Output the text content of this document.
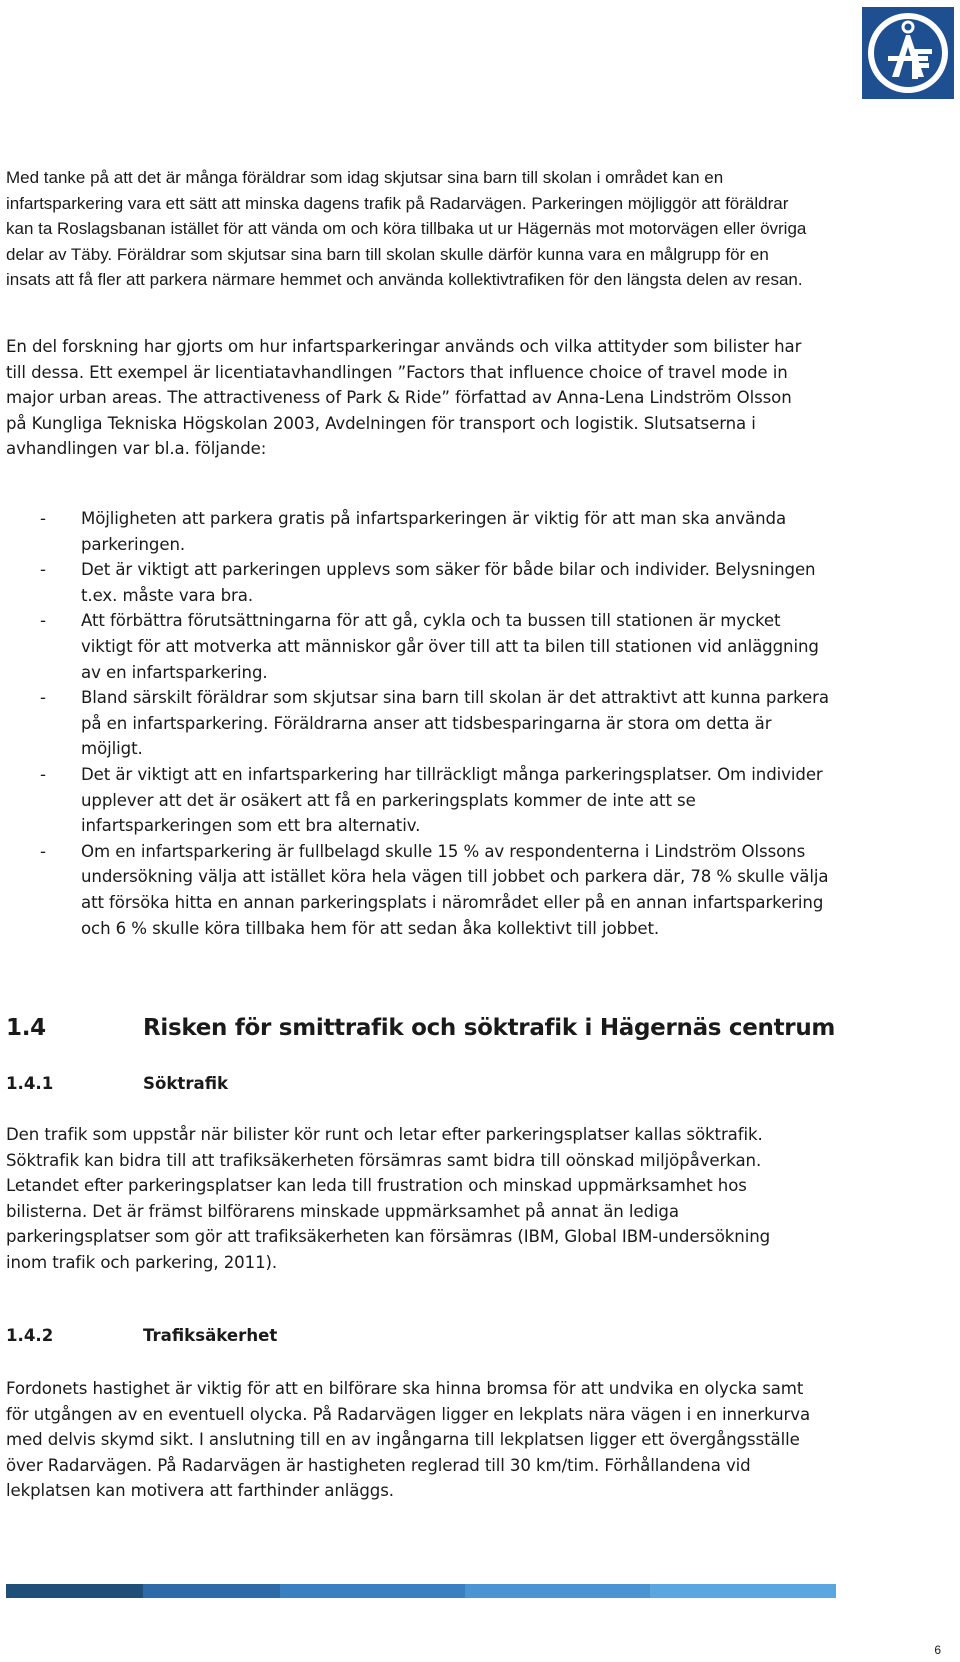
Med tanke på att det är många föräldrar som idag skjutsar sina barn till skolan i området kan en infartsparkering vara ett sätt att minska dagens trafik på Radarvägen. Parkeringen möjliggör att föräldrar kan ta Roslagsbanan istället för att vända om och köra tillbaka ut ur Hägernäs mot motorvägen eller övriga delar av Täby. Föräldrar som skjutsar sina barn till skolan skulle därför kunna vara en målgrupp för en insats att få fler att parkera närmare hemmet och använda kollektivtrafiken för den längsta delen av resan.

En del forskning har gjorts om hur infartsparkeringar används och vilka attityder som bilister har till dessa. Ett exempel är licentiatavhandlingen ”Factors that influence choice of travel mode in major urban areas. The attractiveness of Park & Ride” författad av Anna-Lena Lindström Olsson på Kungliga Tekniska Högskolan 2003, Avdelningen för transport och logistik. Slutsatserna i avhandlingen var bl.a. följande:

- Möjligheten att parkera gratis på infartsparkeringen är viktig för att man ska använda parkeringen.
- Det är viktigt att parkeringen upplevs som säker för både bilar och individer. Belysningen t.ex. måste vara bra.
- Att förbättra förutsättningarna för att gå, cykla och ta bussen till stationen är mycket viktigt för att motverka att människor går över till att ta bilen till stationen vid anläggning av en infartsparkering.
- Bland särskilt föräldrar som skjutsar sina barn till skolan är det attraktivt att kunna parkera på en infartsparkering. Föräldrarna anser att tidsbesparingarna är stora om detta är möjligt.
- Det är viktigt att en infartsparkering har tillräckligt många parkeringsplatser. Om individer upplever att det är osäkert att få en parkeringsplats kommer de inte att se infartsparkeringen som ett bra alternativ.
- Om en infartsparkering är fullbelagd skulle 15 % av respondenterna i Lindström Olssons undersökning välja att istället köra hela vägen till jobbet och parkera där, 78 % skulle välja att försöka hitta en annan parkeringsplats i närområdet eller på en annan infartsparkering och 6 % skulle köra tillbaka hem för att sedan åka kollektivt till jobbet.
1.4	Risken för smittrafik och söktrafik i Hägernäs centrum
1.4.1	Söktrafik

Den trafik som uppstår när bilister kör runt och letar efter parkeringsplatser kallas söktrafik. Söktrafik kan bidra till att trafiksäkerheten försämras samt bidra till oönskad miljöpåverkan. Letandet efter parkeringsplatser kan leda till frustration och minskad uppmärksamhet hos bilisterna. Det är främst bilförarens minskade uppmärksamhet på annat än lediga parkeringsplatser som gör att trafiksäkerheten kan försämras (IBM, Global IBM-undersökning inom trafik och parkering, 2011).

1.4.2	Trafiksäkerhet

Fordonets hastighet är viktig för att en bilförare ska hinna bromsa för att undvika en olycka samt för utgången av en eventuell olycka. På Radarvägen ligger en lekplats nära vägen i en innerkurva med delvis skymd sikt. I anslutning till en av ingångarna till lekplatsen ligger ett övergångsställe över Radarvägen. På Radarvägen är hastigheten reglerad till 30 km/tim. Förhållandena vid lekplatsen kan motivera att farthinder anläggs.

6
